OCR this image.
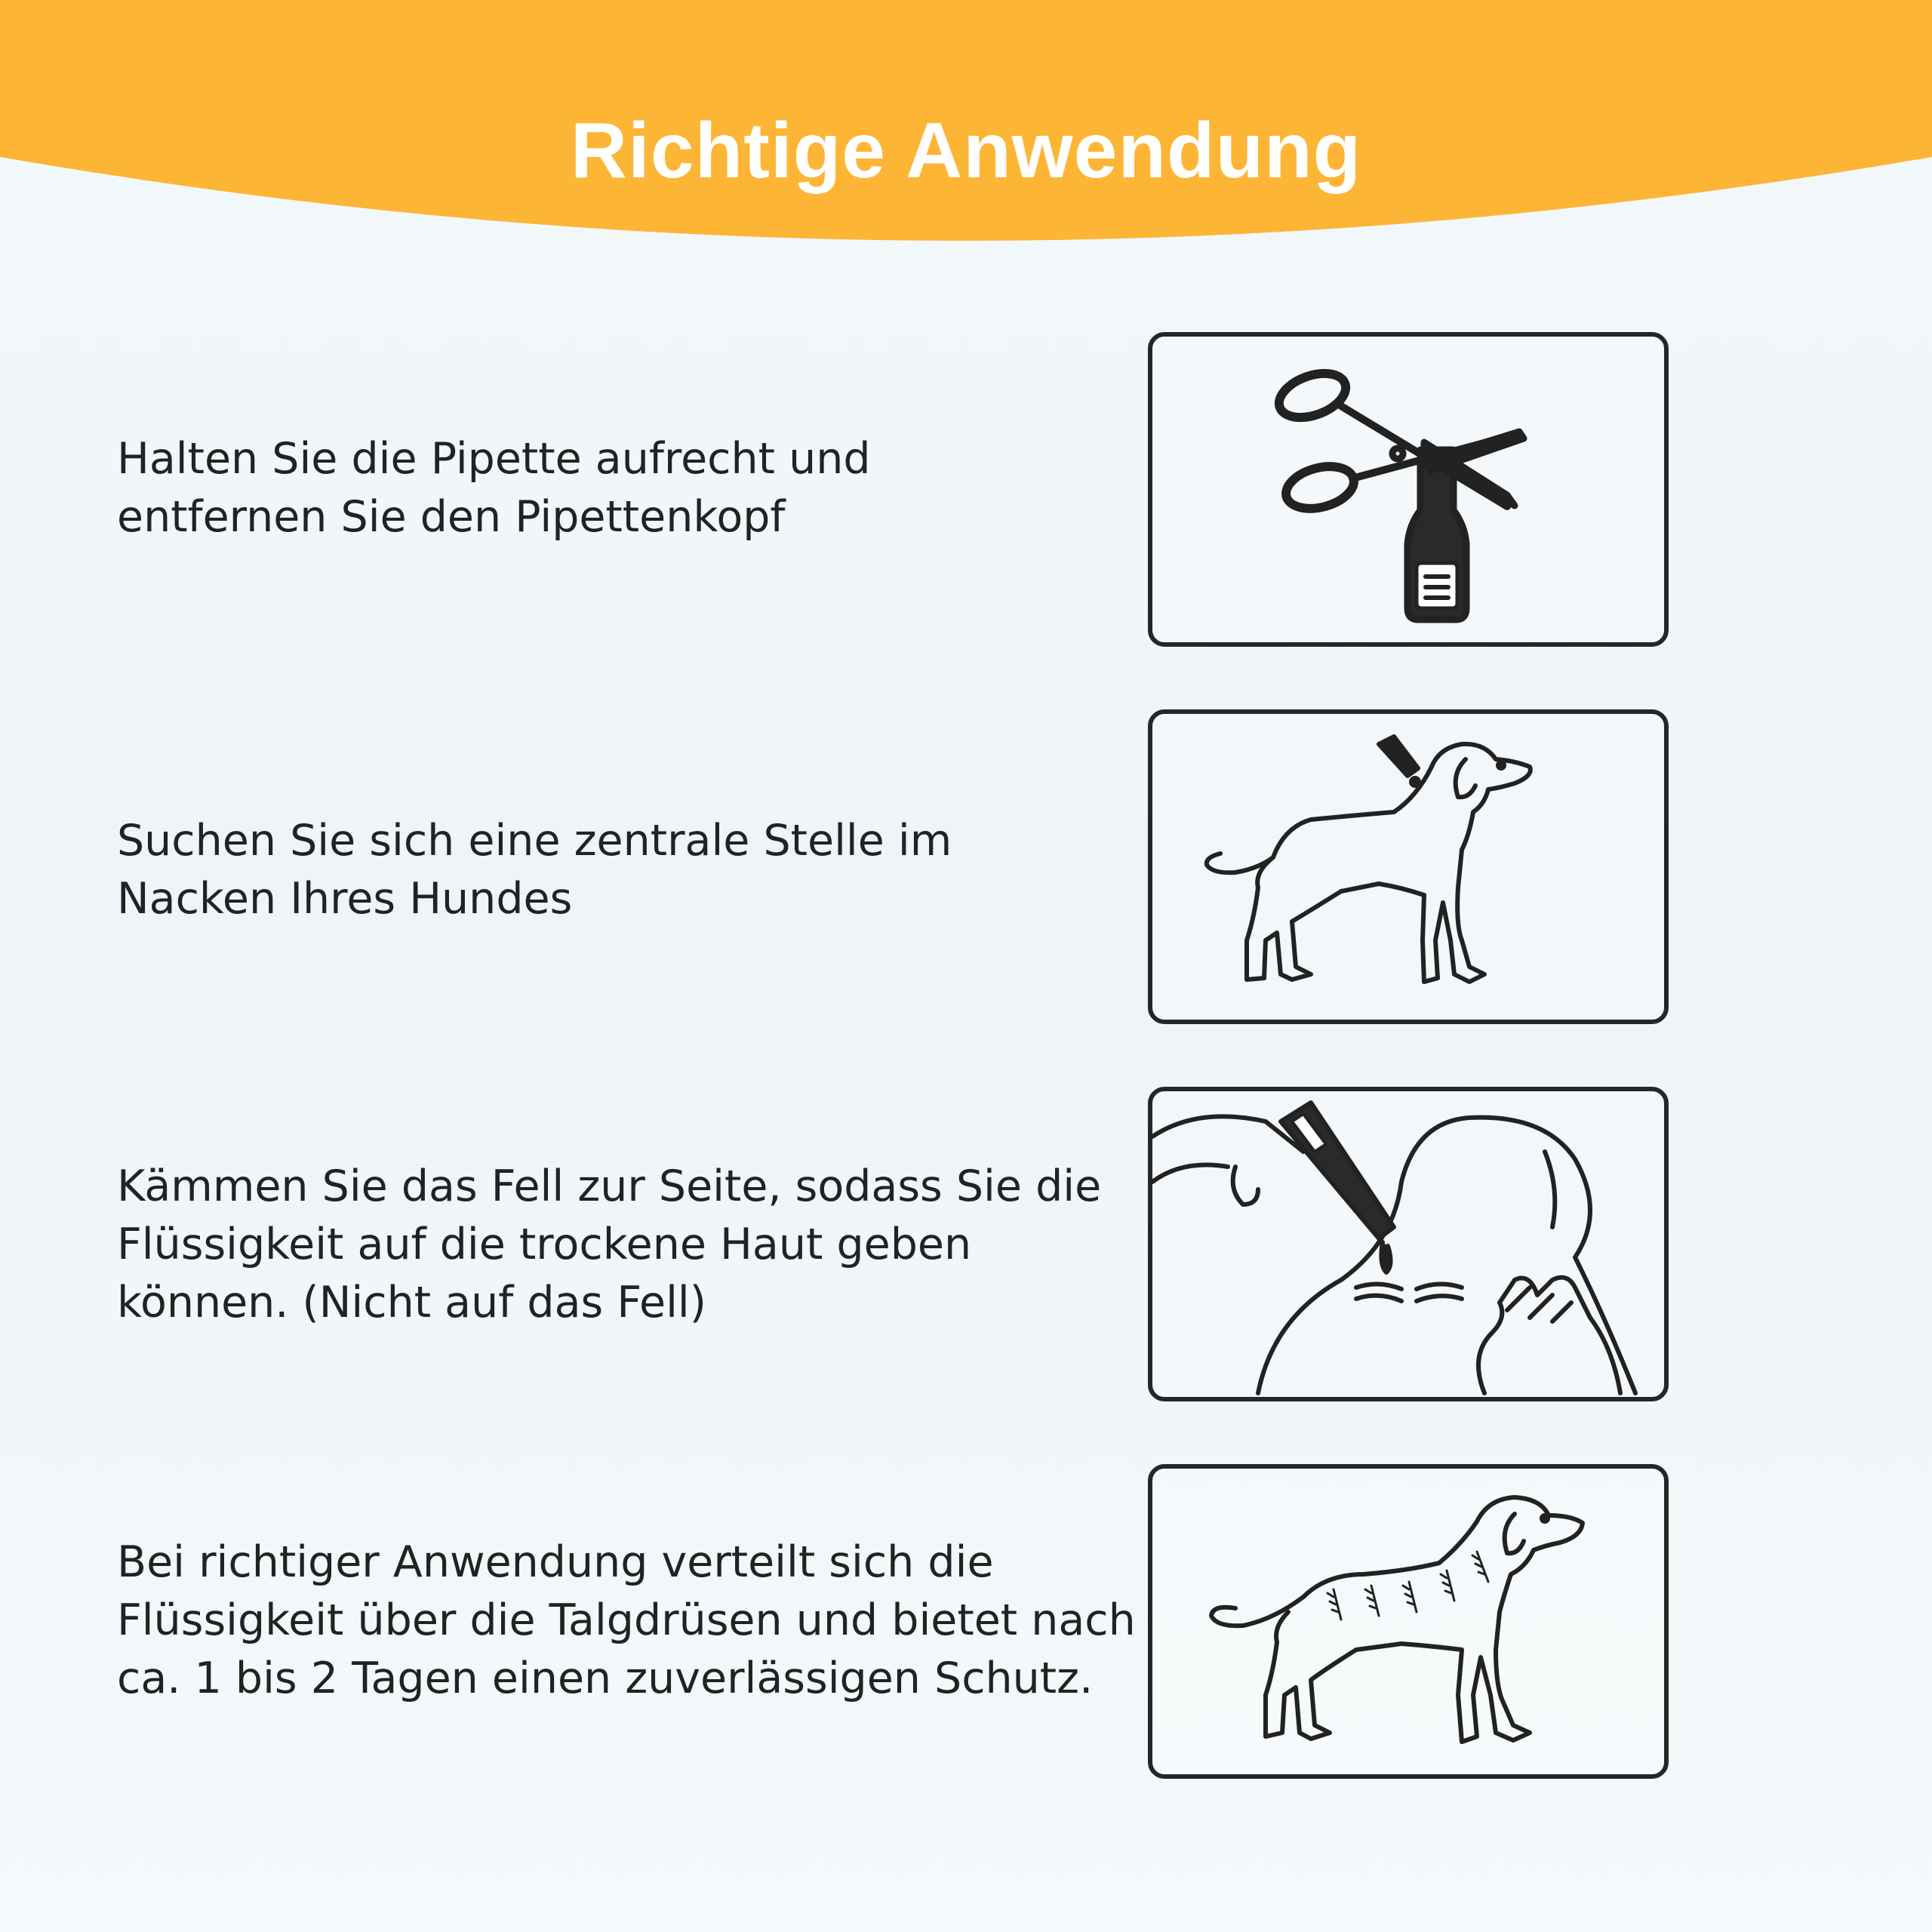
Richtige Anwendung
Halten Sie die Pipette aufrecht und
entfernen Sie den Pipettenkopf
Suchen Sie sich eine zentrale Stelle im
Nacken Ihres Hundes
Kämmen Sie das Fell zur Seite, sodass Sie die
Flüssigkeit auf die trockene Haut geben
können. (Nicht auf das Fell)
Bei richtiger Anwendung verteilt sich die
Flüssigkeit über die Talgdrüsen und bietet nach
ca. 1 bis 2 Tagen einen zuverlässigen Schutz.
